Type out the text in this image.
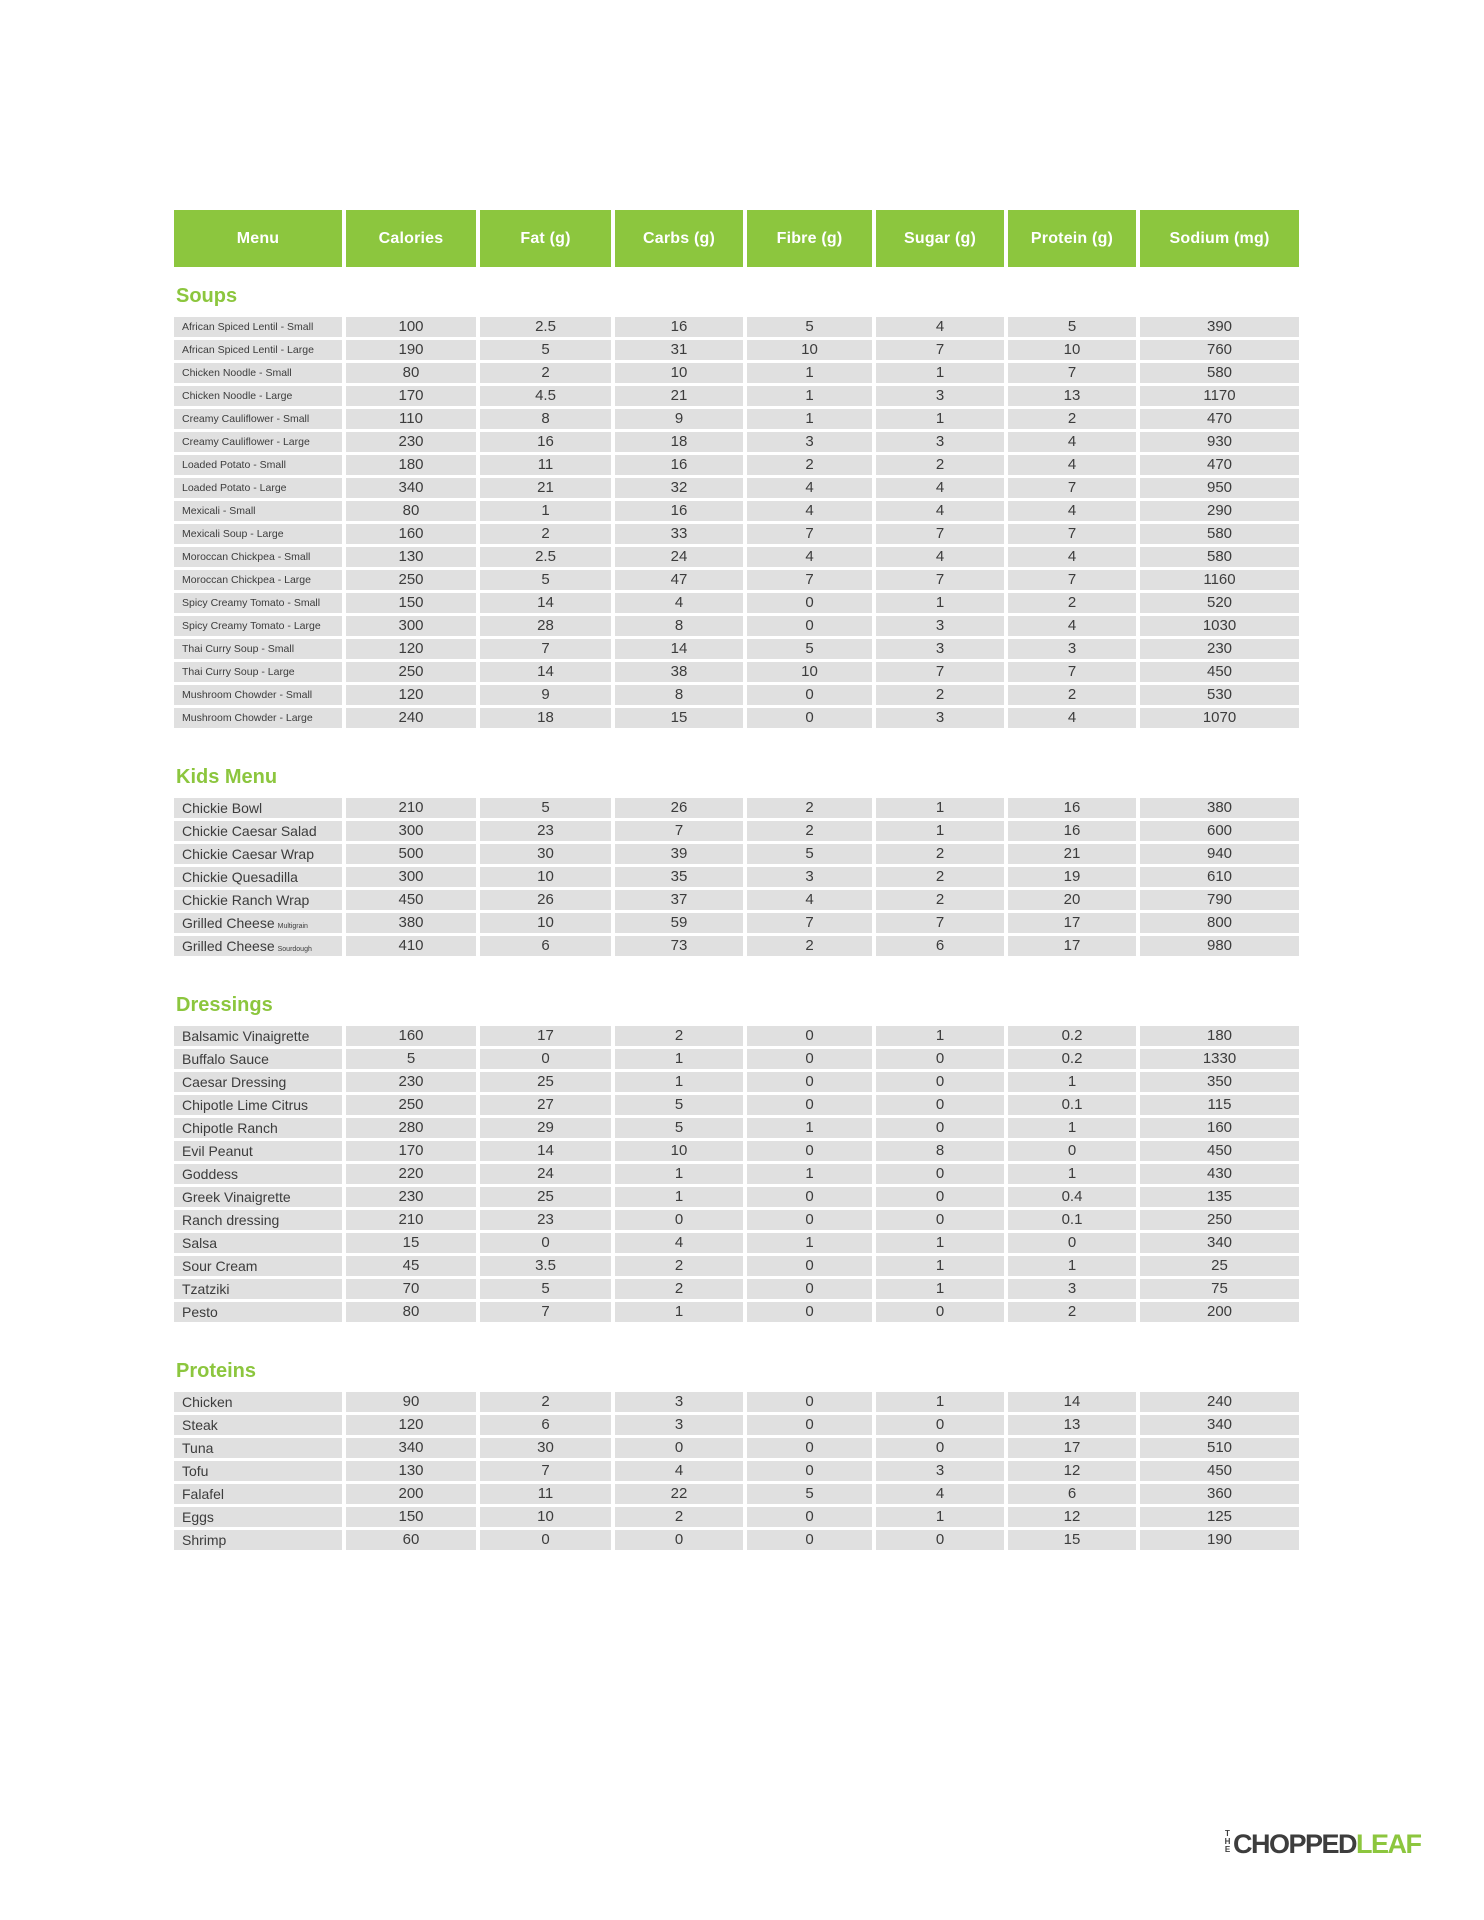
Menu	Calories	Fat (g)	Carbs (g)	Fibre (g)	Sugar (g)	Protein (g)	Sodium (mg)
Soups
African Spiced Lentil - Small	100	2.5	16	5	4	5	390
African Spiced Lentil - Large	190	5	31	10	7	10	760
Chicken Noodle - Small	80	2	10	1	1	7	580
Chicken Noodle - Large	170	4.5	21	1	3	13	1170
Creamy Cauliflower - Small	110	8	9	1	1	2	470
Creamy Cauliflower - Large	230	16	18	3	3	4	930
Loaded Potato - Small	180	11	16	2	2	4	470
Loaded Potato - Large	340	21	32	4	4	7	950
Mexicali - Small	80	1	16	4	4	4	290
Mexicali Soup - Large	160	2	33	7	7	7	580
Moroccan Chickpea - Small	130	2.5	24	4	4	4	580
Moroccan Chickpea - Large	250	5	47	7	7	7	1160
Spicy Creamy Tomato - Small	150	14	4	0	1	2	520
Spicy Creamy Tomato - Large	300	28	8	0	3	4	1030
Thai Curry Soup - Small	120	7	14	5	3	3	230
Thai Curry Soup - Large	250	14	38	10	7	7	450
Mushroom Chowder - Small	120	9	8	0	2	2	530
Mushroom Chowder - Large	240	18	15	0	3	4	1070
Kids Menu
Chickie Bowl	210	5	26	2	1	16	380
Chickie Caesar Salad	300	23	7	2	1	16	600
Chickie Caesar Wrap	500	30	39	5	2	21	940
Chickie Quesadilla	300	10	35	3	2	19	610
Chickie Ranch Wrap	450	26	37	4	2	20	790
Grilled Cheese Multigrain	380	10	59	7	7	17	800
Grilled Cheese Sourdough	410	6	73	2	6	17	980
Dressings
Balsamic Vinaigrette	160	17	2	0	1	0.2	180
Buffalo Sauce	5	0	1	0	0	0.2	1330
Caesar Dressing	230	25	1	0	0	1	350
Chipotle Lime Citrus	250	27	5	0	0	0.1	115
Chipotle Ranch	280	29	5	1	0	1	160
Evil Peanut	170	14	10	0	8	0	450
Goddess	220	24	1	1	0	1	430
Greek Vinaigrette	230	25	1	0	0	0.4	135
Ranch dressing	210	23	0	0	0	0.1	250
Salsa	15	0	4	1	1	0	340
Sour Cream	45	3.5	2	0	1	1	25
Tzatziki	70	5	2	0	1	3	75
Pesto	80	7	1	0	0	2	200
Proteins
Chicken	90	2	3	0	1	14	240
Steak	120	6	3	0	0	13	340
Tuna	340	30	0	0	0	17	510
Tofu	130	7	4	0	3	12	450
Falafel	200	11	22	5	4	6	360
Eggs	150	10	2	0	1	12	125
Shrimp	60	0	0	0	0	15	190
THE CHOPPED LEAF
